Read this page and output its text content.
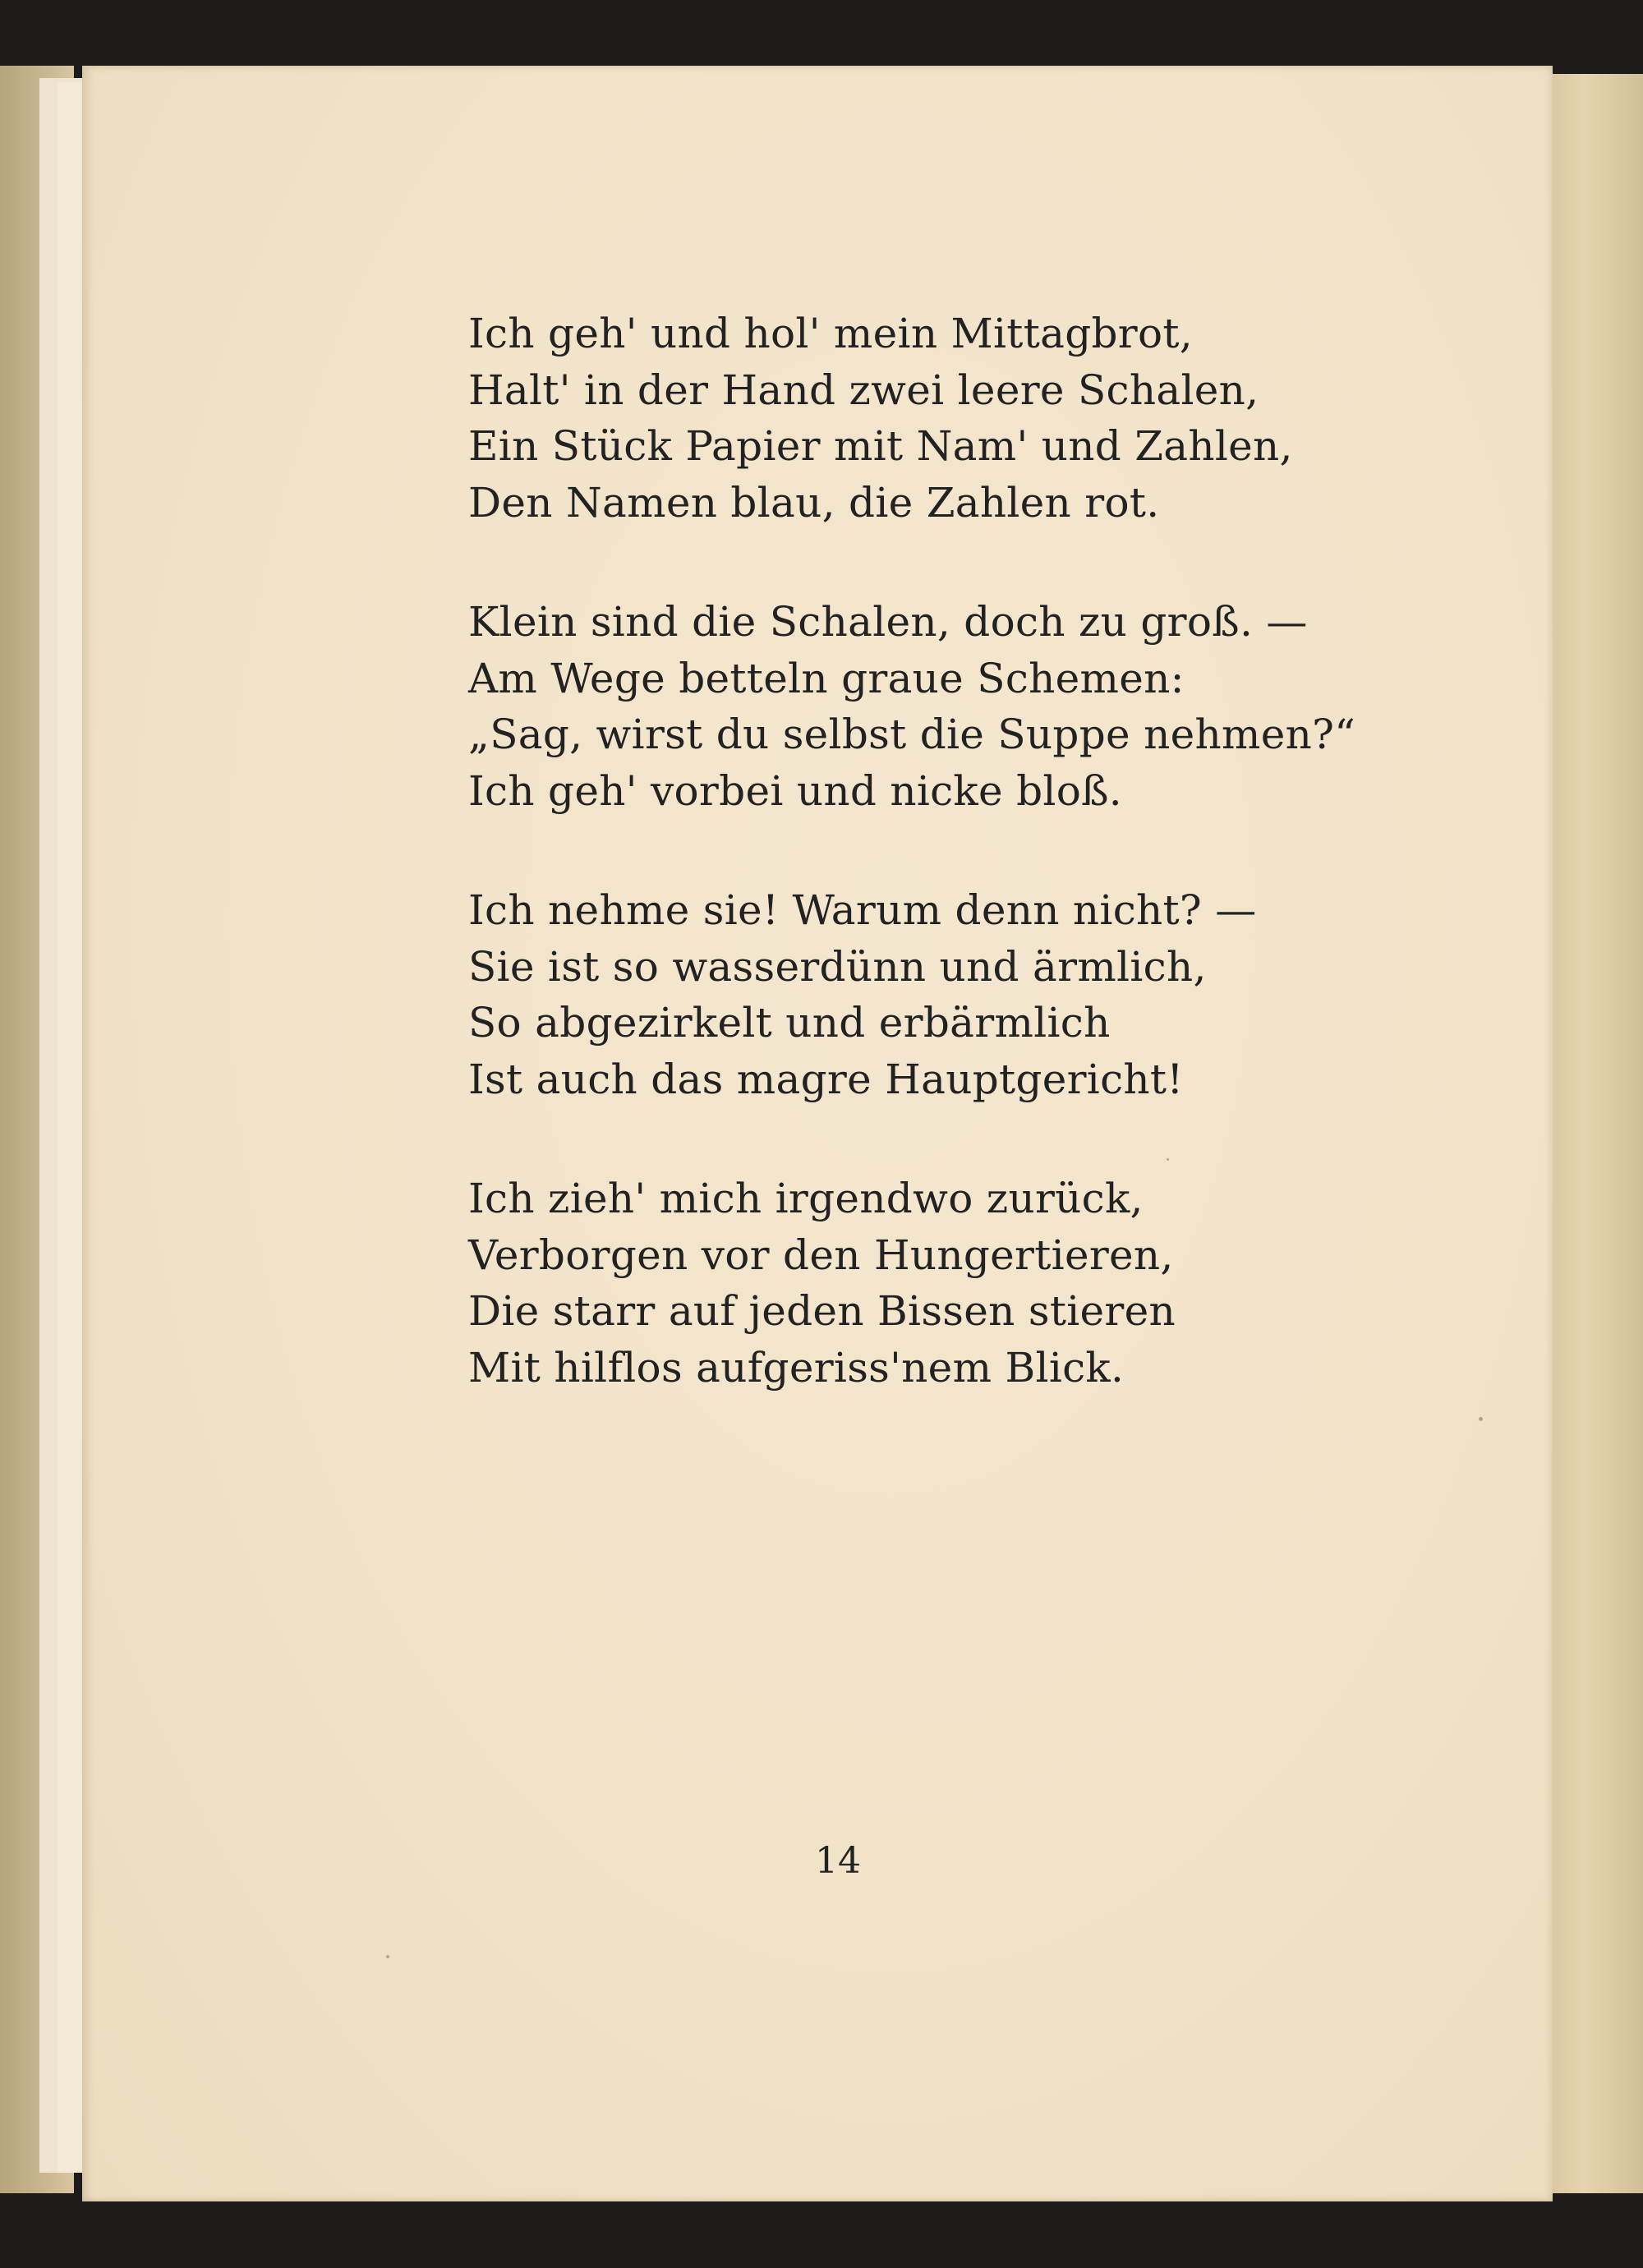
Ich geh' und hol' mein Mittagbrot,
Halt' in der Hand zwei leere Schalen,
Ein Stück Papier mit Nam' und Zahlen,
Den Namen blau, die Zahlen rot.
Klein sind die Schalen, doch zu groß. —
Am Wege betteln graue Schemen:
„Sag, wirst du selbst die Suppe nehmen?“
Ich geh' vorbei und nicke bloß.
Ich nehme sie! Warum denn nicht? —
Sie ist so wasserdünn und ärmlich,
So abgezirkelt und erbärmlich
Ist auch das magre Hauptgericht!
Ich zieh' mich irgendwo zurück,
Verborgen vor den Hungertieren,
Die starr auf jeden Bissen stieren
Mit hilflos aufgeriss'nem Blick.
14
